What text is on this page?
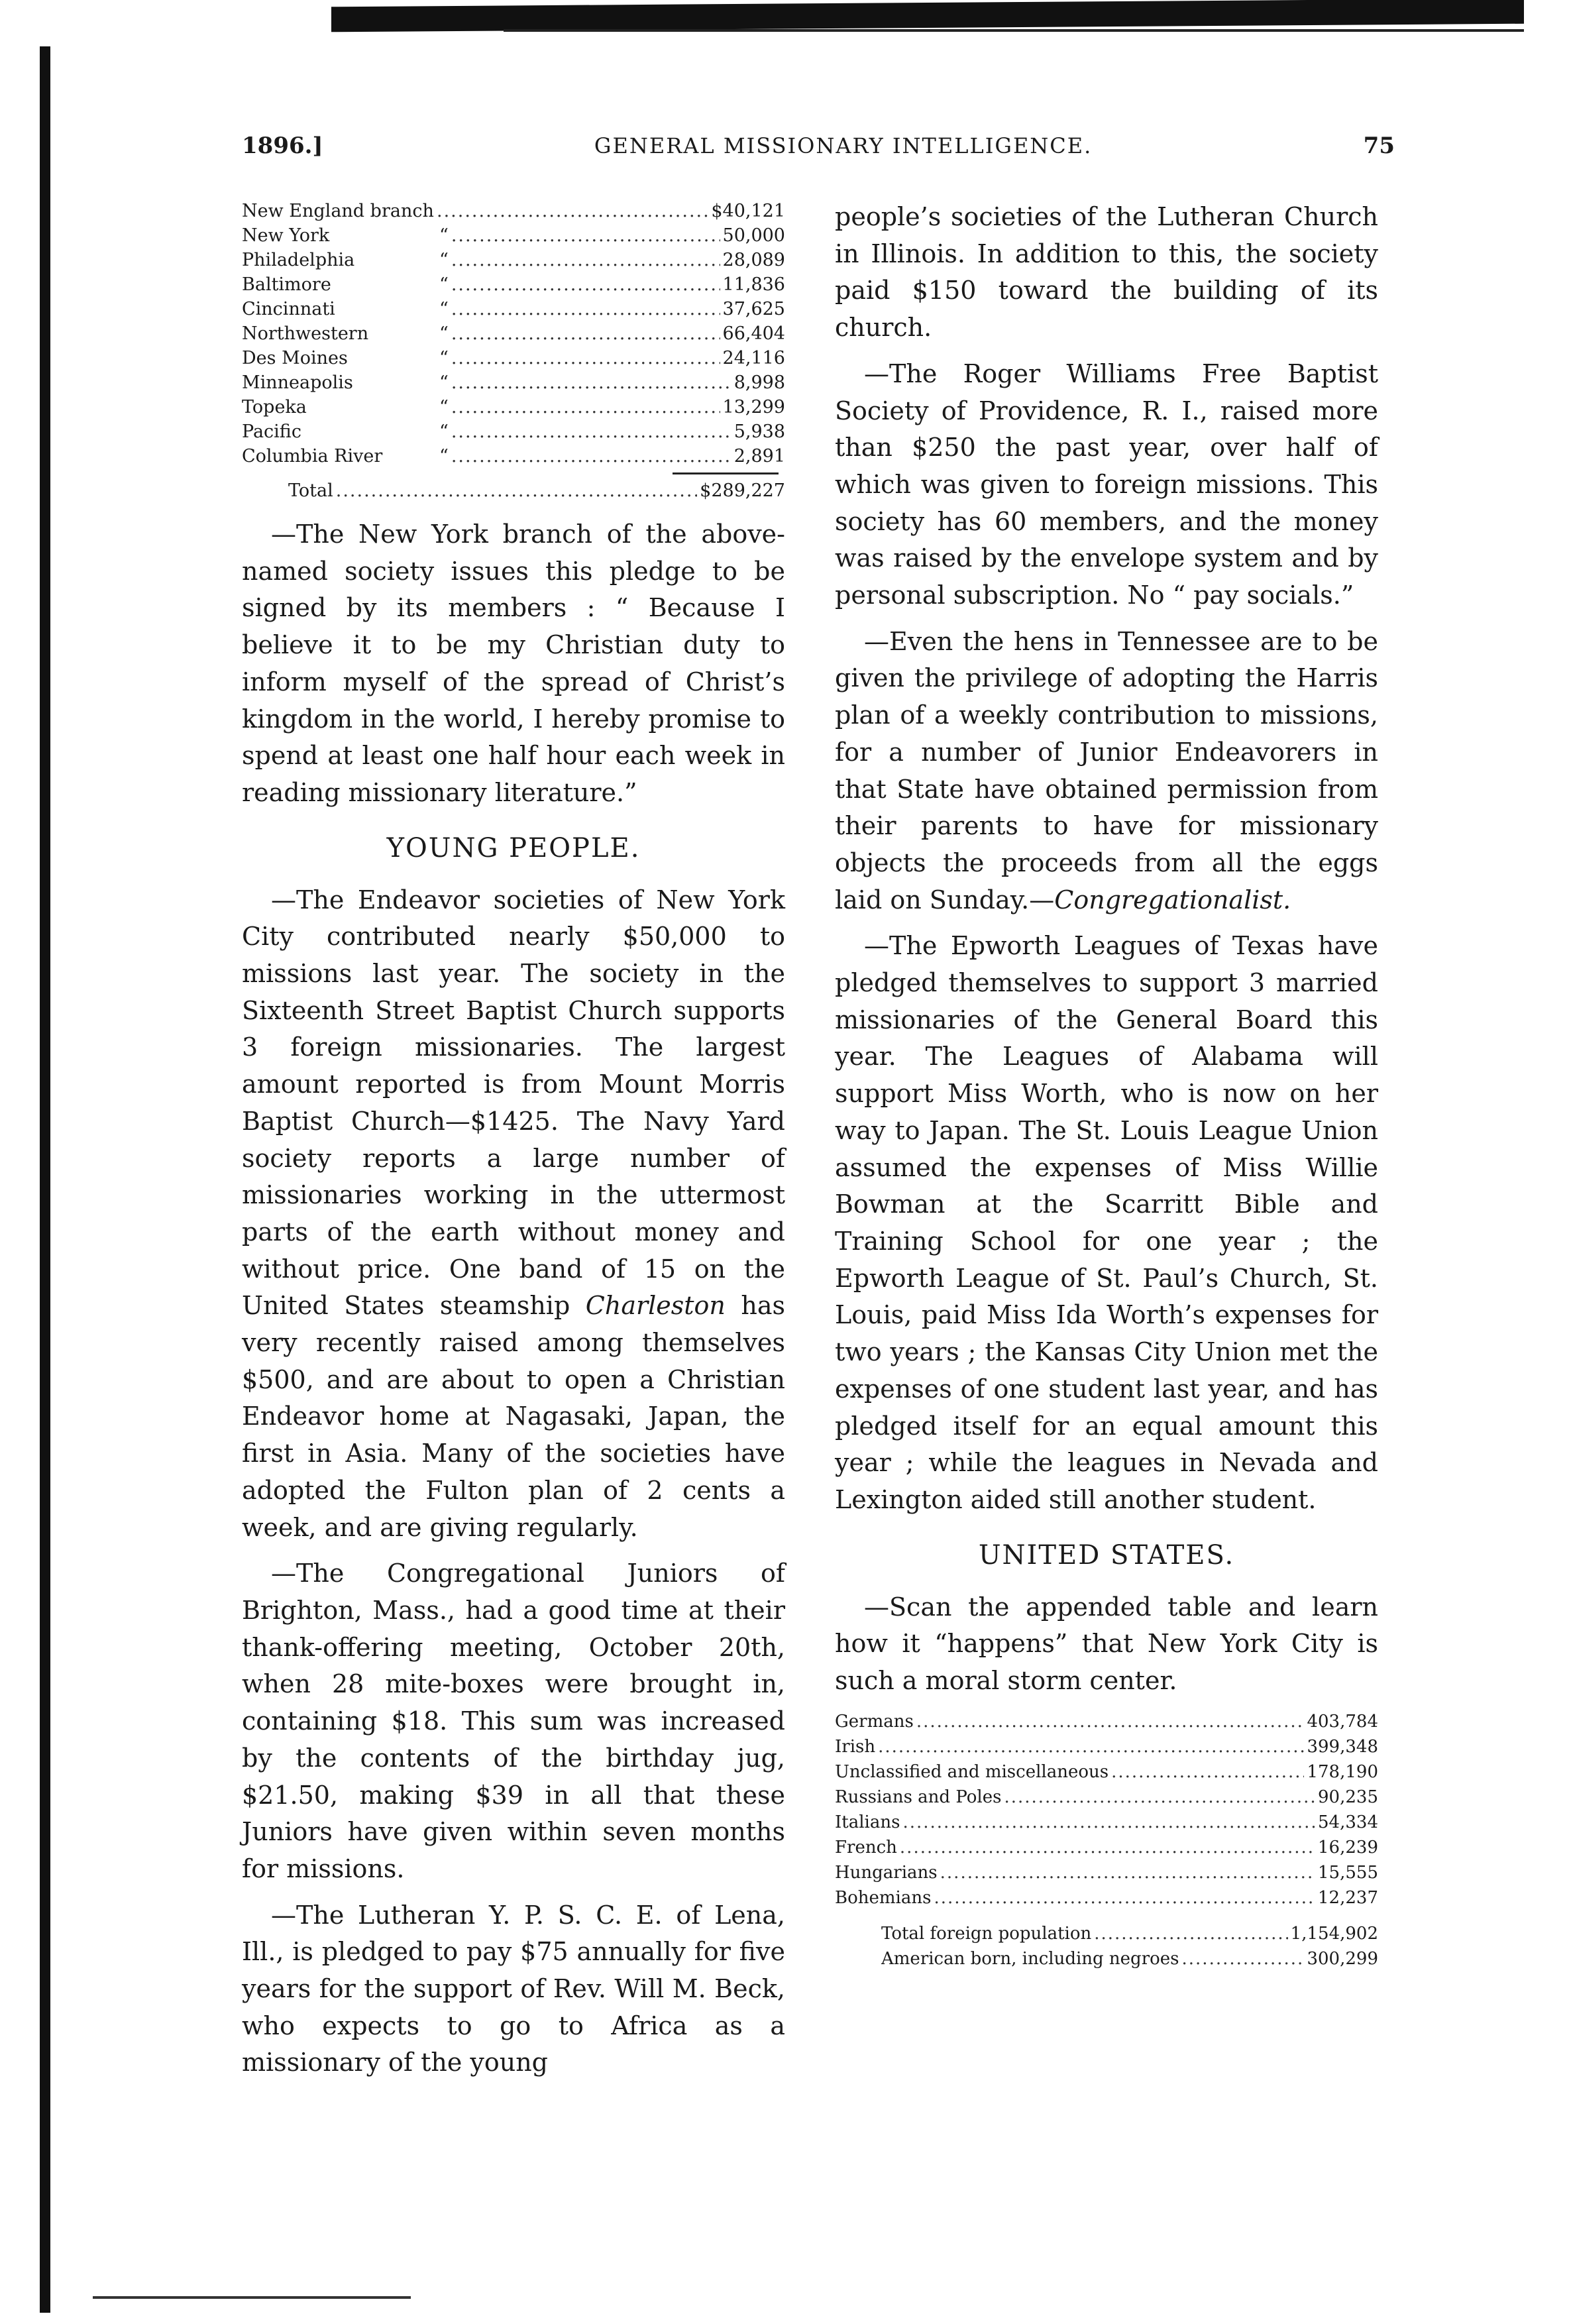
1896.]	GENERAL MISSIONARY INTELLIGENCE.	75
New England branch .....	$40,121
New York	“ .....	50,000
Philadelphia	“ .....	28,089
Baltimore	“ .....	11,836
Cincinnati	“ .....	37,625
Northwestern	“ .....	66,404
Des Moines	“ .....	24,116
Minneapolis	“ .....	8,998
Topeka	“ .....	13,299
Pacific	“ .....	5,938
Columbia River	“ .....	2,891
Total .....	$289,227

—The New York branch of the above-named society issues this pledge to be signed by its members : “ Because I believe it to be my Christian duty to inform myself of the spread of Christ’s kingdom in the world, I hereby promise to spend at least one half hour each week in reading missionary literature.”

YOUNG PEOPLE.

—The Endeavor societies of New York City contributed nearly $50,000 to missions last year. The society in the Sixteenth Street Baptist Church supports 3 foreign missionaries. The largest amount reported is from Mount Morris Baptist Church—$1425. The Navy Yard society reports a large number of missionaries working in the uttermost parts of the earth without money and without price. One band of 15 on the United States steamship Charleston has very recently raised among themselves $500, and are about to open a Christian Endeavor home at Nagasaki, Japan, the first in Asia. Many of the societies have adopted the Fulton plan of 2 cents a week, and are giving regularly.

—The Congregational Juniors of Brighton, Mass., had a good time at their thank-offering meeting, October 20th, when 28 mite-boxes were brought in, containing $18. This sum was increased by the contents of the birthday jug, $21.50, making $39 in all that these Juniors have given within seven months for missions.

—The Lutheran Y. P. S. C. E. of Lena, Ill., is pledged to pay $75 annually for five years for the support of Rev. Will M. Beck, who expects to go to Africa as a missionary of the young

people’s societies of the Lutheran Church in Illinois. In addition to this, the society paid $150 toward the building of its church.

—The Roger Williams Free Baptist Society of Providence, R. I., raised more than $250 the past year, over half of which was given to foreign missions. This society has 60 members, and the money was raised by the envelope system and by personal subscription. No “ pay socials.”

—Even the hens in Tennessee are to be given the privilege of adopting the Harris plan of a weekly contribution to missions, for a number of Junior Endeavorers in that State have obtained permission from their parents to have for missionary objects the proceeds from all the eggs laid on Sunday.—Congregationalist.

—The Epworth Leagues of Texas have pledged themselves to support 3 married missionaries of the General Board this year. The Leagues of Alabama will support Miss Worth, who is now on her way to Japan. The St. Louis League Union assumed the expenses of Miss Willie Bowman at the Scarritt Bible and Training School for one year ; the Epworth League of St. Paul’s Church, St. Louis, paid Miss Ida Worth’s expenses for two years ; the Kansas City Union met the expenses of one student last year, and has pledged itself for an equal amount this year ; while the leagues in Nevada and Lexington aided still another student.

UNITED STATES.

—Scan the appended table and learn how it “happens” that New York City is such a moral storm center.

Germans .....	403,784
Irish .....	399,348
Unclassified and miscellaneous .....	178,190
Russians and Poles .....	90,235
Italians .....	54,334
French .....	16,239
Hungarians .....	15,555
Bohemians .....	12,237
Total foreign population .....	1,154,902
American born, including negroes .....	300,299
